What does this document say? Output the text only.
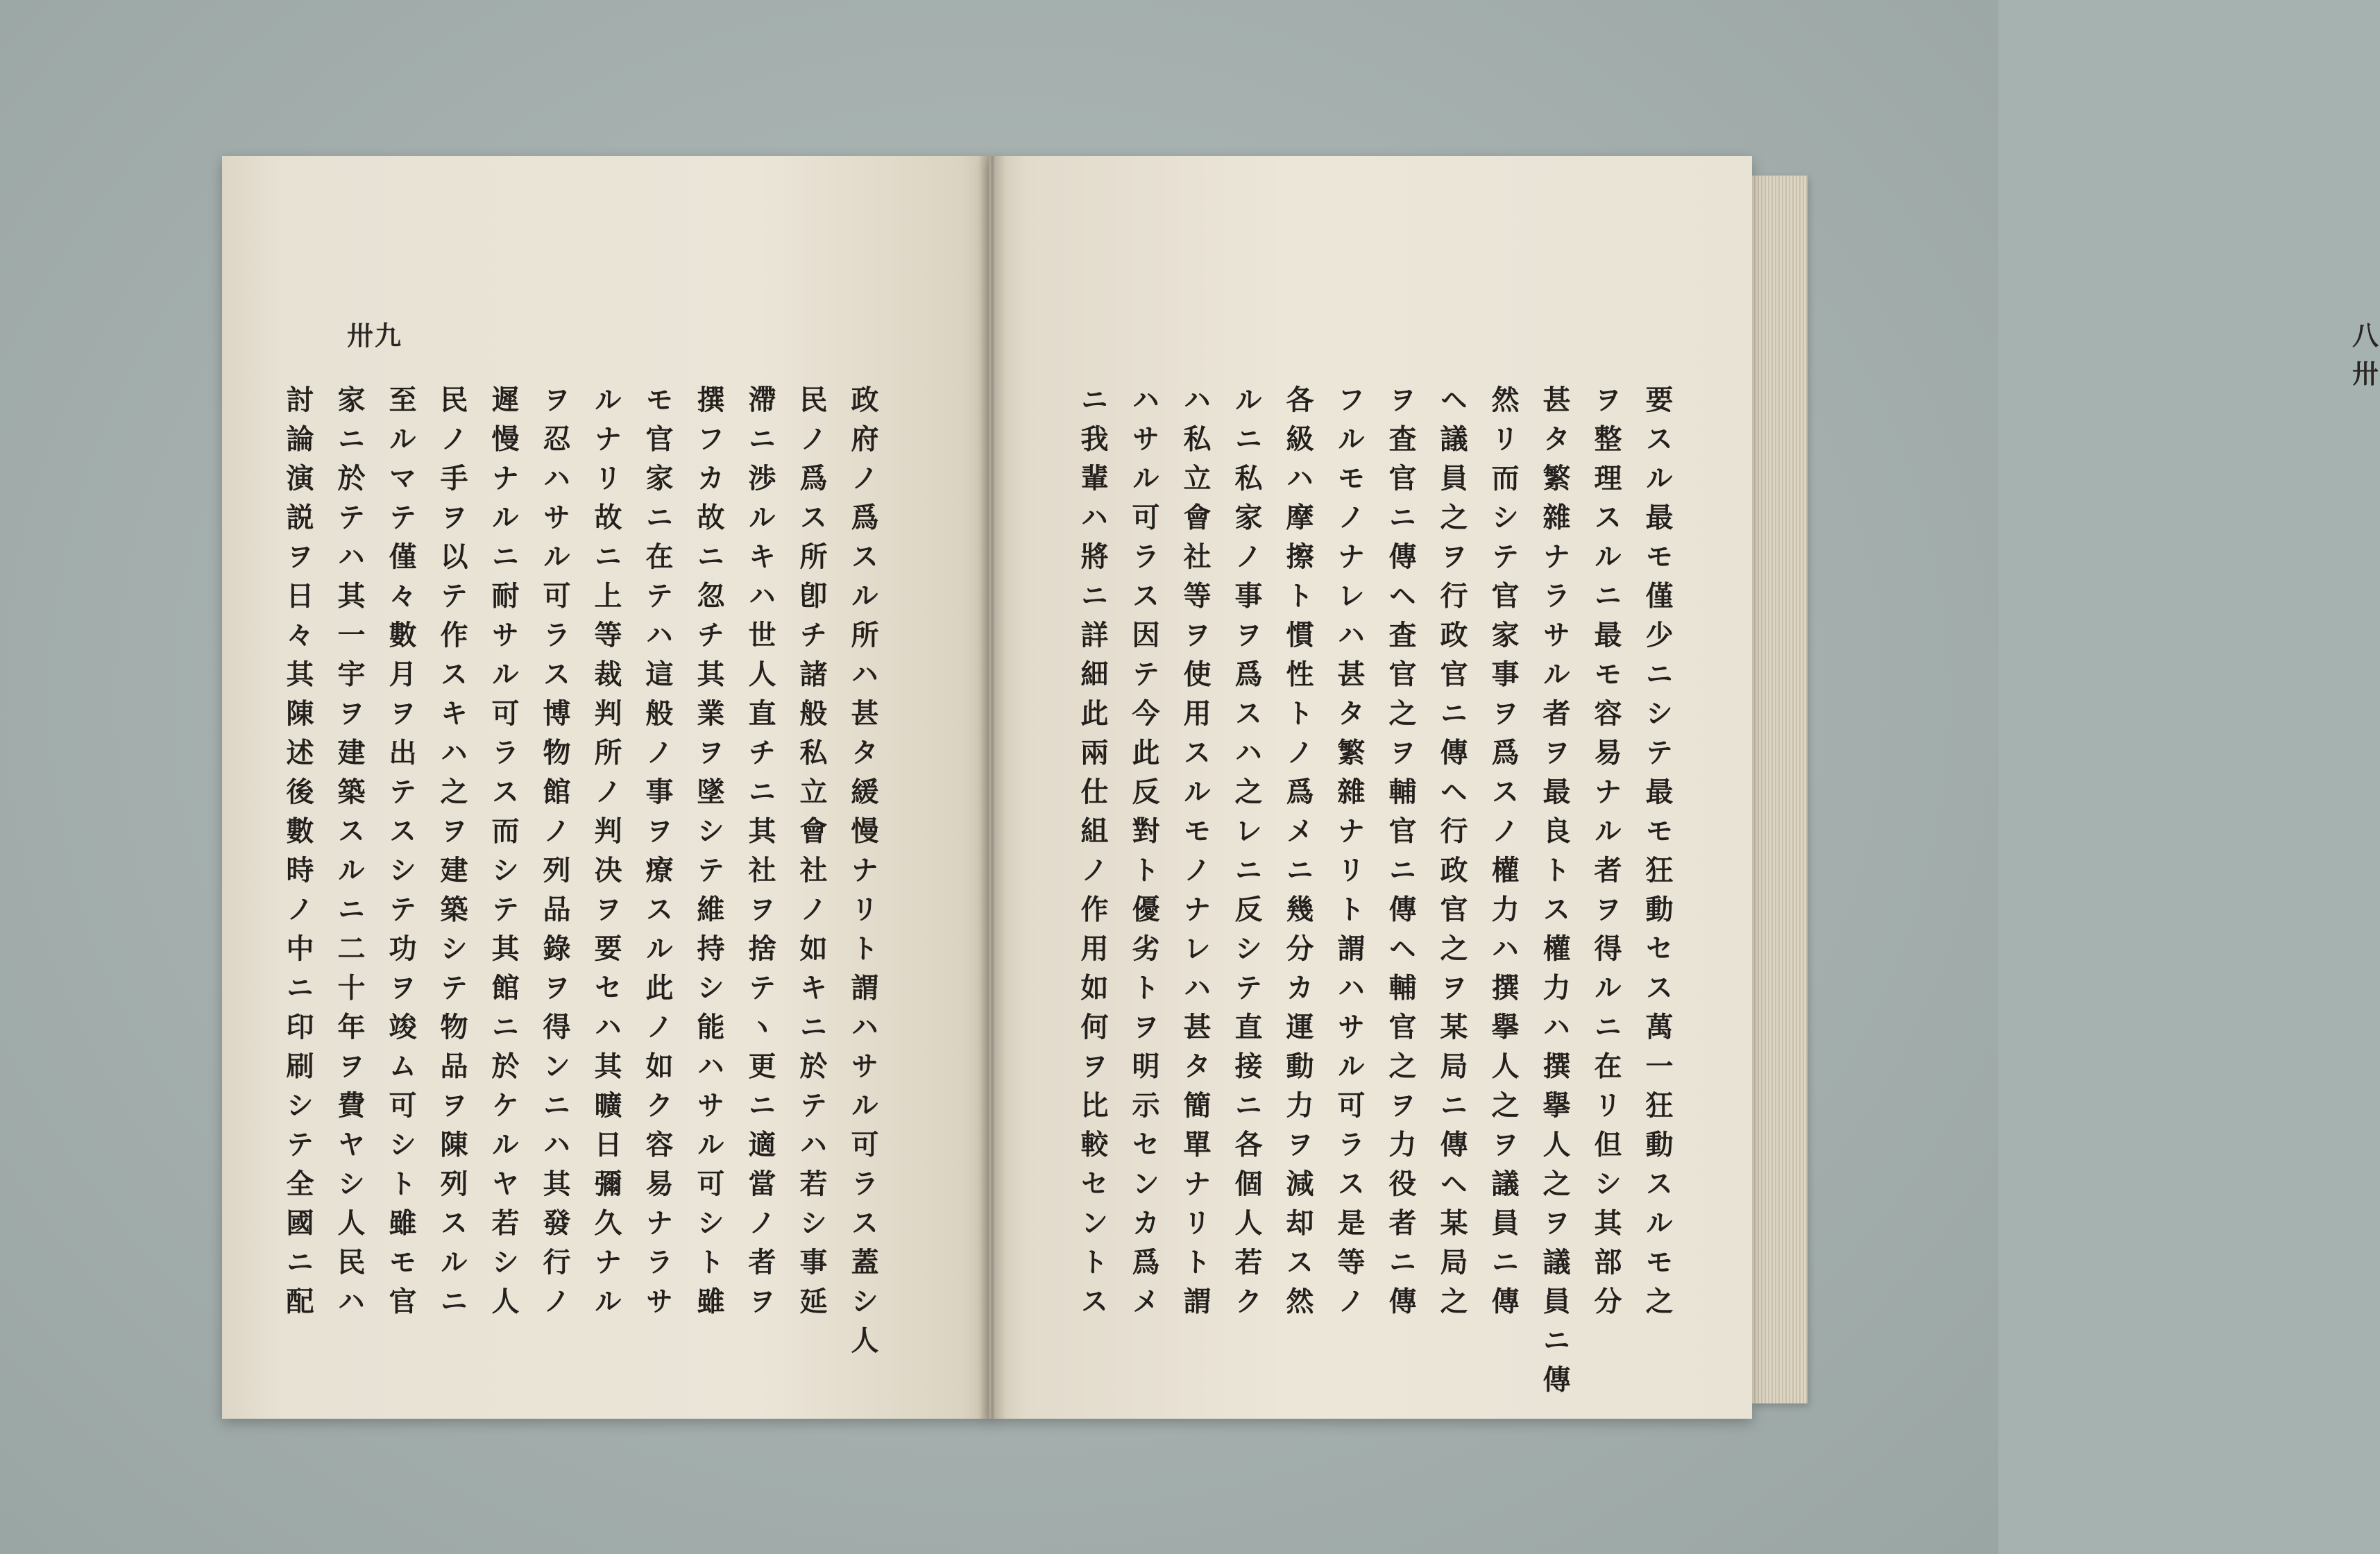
卅九

政府ノ爲スル所ハ甚タ緩慢ナリト謂ハサル可ラス蓋シ人

民ノ爲ス所卽チ諸般私立會社ノ如キニ於テハ若シ事延

滯ニ渉ルキハ世人直チニ其社ヲ捨テヽ更ニ適當ノ者ヲ

撰フカ故ニ忽チ其業ヲ墜シテ維持シ能ハサル可シト雖

モ官家ニ在テハ這般ノ事ヲ療スル此ノ如ク容易ナラサ

ルナリ故ニ上等裁判所ノ判决ヲ要セハ其曠日彌久ナル

ヲ忍ハサル可ラス博物館ノ列品錄ヲ得ンニハ其發行ノ

遲慢ナルニ耐サル可ラス而シテ其館ニ於ケルヤ若シ人

民ノ手ヲ以テ作スキハ之ヲ建築シテ物品ヲ陳列スルニ

至ルマテ僅々數月ヲ出テスシテ功ヲ竣ム可シト雖モ官

家ニ於テハ其一宇ヲ建築スルニ二十年ヲ費ヤシ人民ハ

討論演説ヲ日々其陳述後數時ノ中ニ印刷シテ全國ニ配

八卅

要スル最モ僅少ニシテ最モ狂動セス萬一狂動スルモ之

ヲ整理スルニ最モ容易ナル者ヲ得ルニ在リ但シ其部分

甚タ繁雜ナラサル者ヲ最良トス權力ハ撰擧人之ヲ議員ニ傳

然リ而シテ官家事ヲ爲スノ權力ハ撰擧人之ヲ議員ニ傳

ヘ議員之ヲ行政官ニ傳ヘ行政官之ヲ某局ニ傳ヘ某局之

ヲ査官ニ傳ヘ査官之ヲ輔官ニ傳ヘ輔官之ヲ力役者ニ傳

フルモノナレハ甚タ繁雜ナリト謂ハサル可ラス是等ノ

各級ハ摩擦ト慣性トノ爲メニ幾分カ運動力ヲ減却ス然

ルニ私家ノ事ヲ爲スハ之レニ反シテ直接ニ各個人若ク

ハ私立會社等ヲ使用スルモノナレハ甚タ簡單ナリト謂

ハサル可ラス因テ今此反對ト優劣トヲ明示センカ爲メ

ニ我輩ハ將ニ詳細此兩仕組ノ作用如何ヲ比較セントス
